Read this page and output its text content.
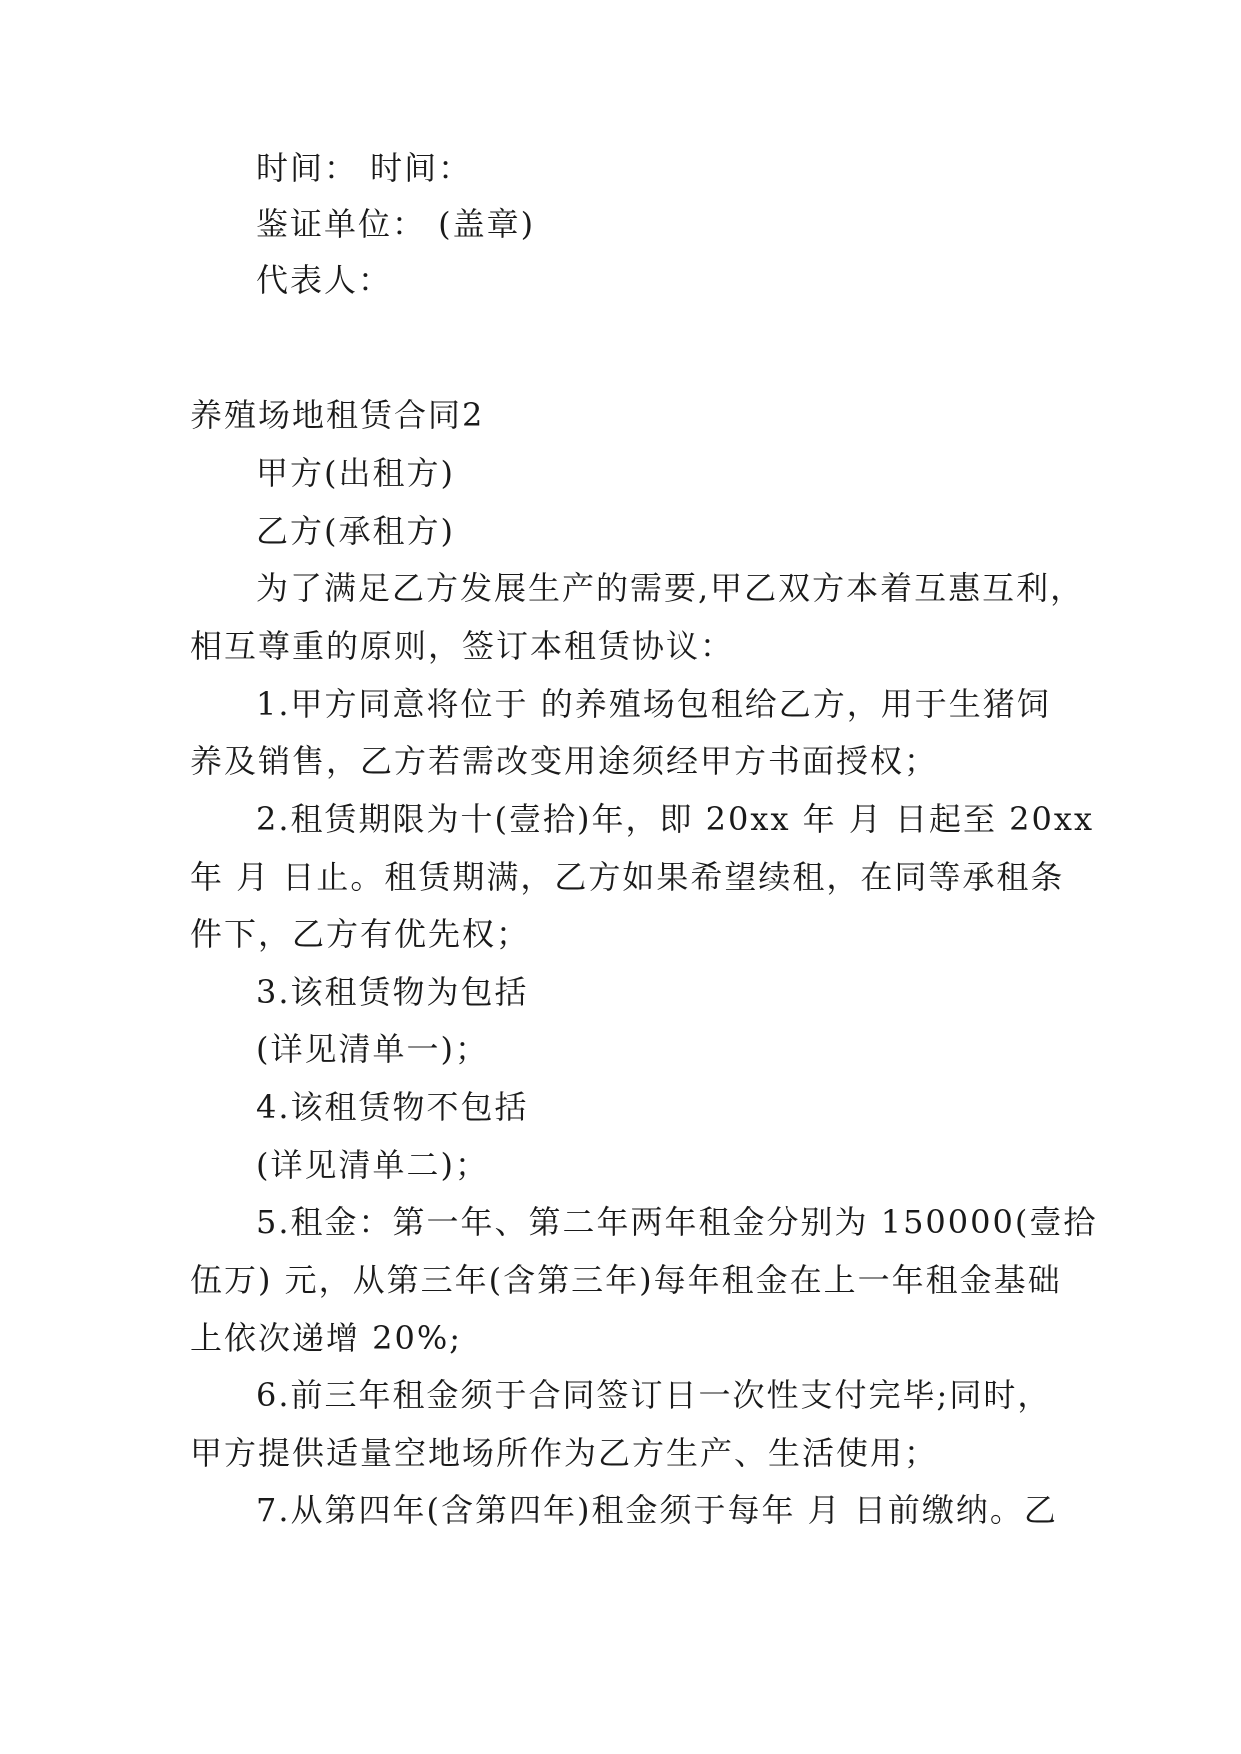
时间： 时间：
鉴证单位： (盖章)
代表人：
养殖场地租赁合同2
甲方(出租方)
乙方(承租方)
为了满足乙方发展生产的需要,甲乙双方本着互惠互利，
相互尊重的原则，签订本租赁协议：
1.甲方同意将位于 的养殖场包租给乙方，用于生猪饲
养及销售，乙方若需改变用途须经甲方书面授权；
2.租赁期限为十(壹拾)年，即 20xx 年 月 日起至 20xx
年 月 日止。租赁期满，乙方如果希望续租，在同等承租条
件下，乙方有优先权；
3.该租赁物为包括
(详见清单一)；
4.该租赁物不包括
(详见清单二)；
5.租金：第一年、第二年两年租金分别为 150000(壹拾
伍万) 元，从第三年(含第三年)每年租金在上一年租金基础
上依次递增 20%;
6.前三年租金须于合同签订日一次性支付完毕;同时，
甲方提供适量空地场所作为乙方生产、生活使用；
7.从第四年(含第四年)租金须于每年 月 日前缴纳。乙
